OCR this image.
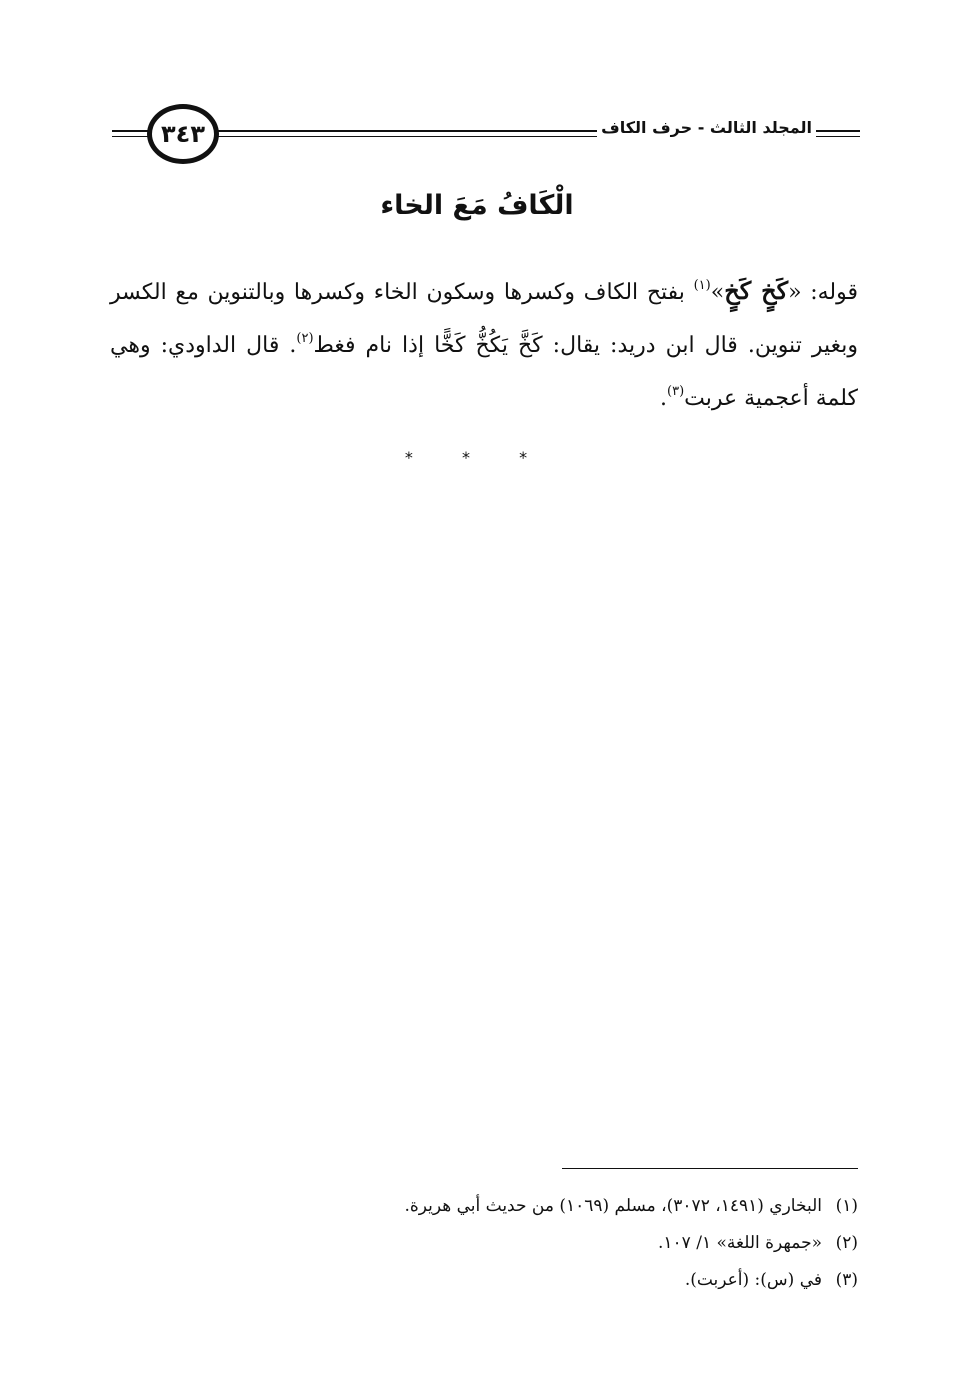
٣٤٣	المجلد الثالث - حرف الكاف
الْكَافُ مَعَ الخاء
قوله: «كَخٍ كَخٍ»$^{(١)}$ بفتح الكاف وكسرها وسكون الخاء وكسرها وبالتنوين مع الكسر وبغير تنوين. قال ابن دريد: يقال: كَخَّ يَكُخُّ كَخًّا إذا نام فغط$^{(٢)}$. قال الداودي: وهي كلمة أعجمية عربت$^{(٣)}$.
* * *
(١)
البخاري (١٤٩١، ٣٠٧٢)، مسلم (١٠٦٩) من حديث أبي هريرة.
(٢)
«جمهرة اللغة» ١/ ١٠٧.
(٣)
في (س): (أعربت).
